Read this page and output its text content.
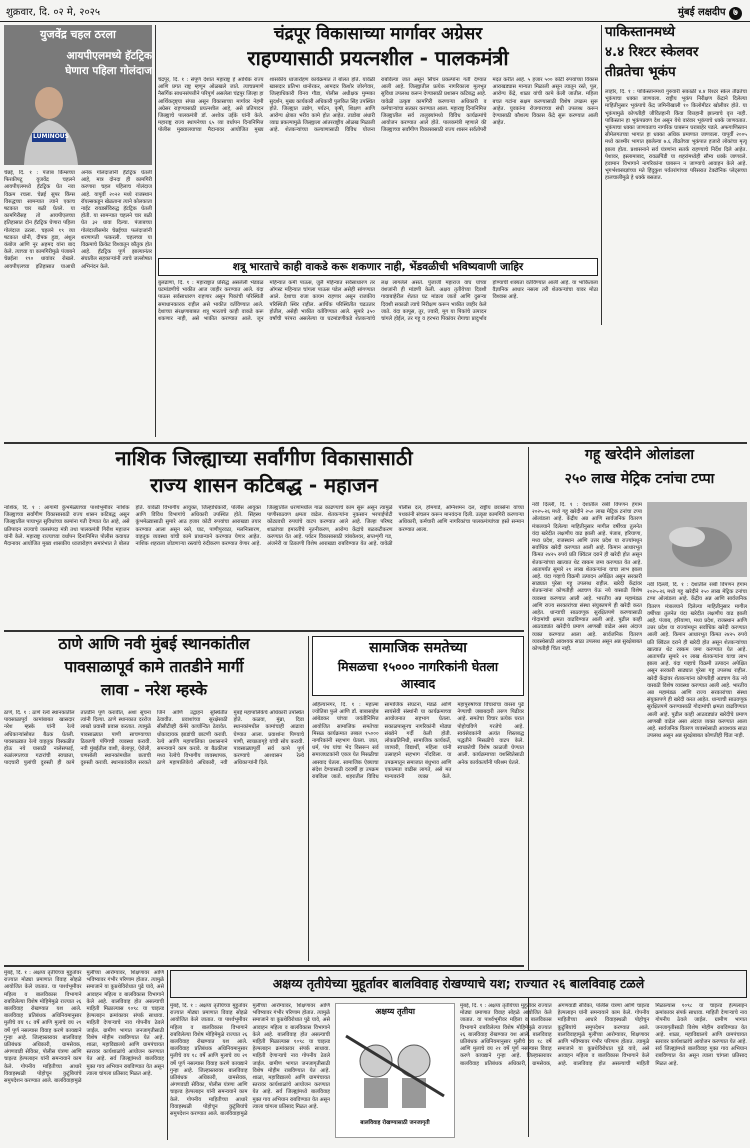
शुक्रवार, दि. ०२ मे, २०२५	मुंबई लक्षदीप ७
LUMINOUS
युजवेंद्र चहल ठरला
आयपीएलमध्ये हॅटट्रिक घेणारा पहिला गोलंदाज
चेन्नई, दि. १ : पंजाब किंग्सच्या फिरकीपटू युजवेंद्र चहलने आयपीएलमध्ये हॅटट्रिक घेत नवा विक्रम रचला. चेन्नई सुपर किंग्स विरुद्धच्या सामन्यात त्याने एकाच षटकात चार बळी घेतले. या कामगिरीसह तो आयपीएलच्या इतिहासात दोन हॅटट्रिक घेणारा पहिला गोलंदाज ठरला. चहलने १९ व्या षटकात धोनी, दीपक हुडा, अंशुल कंबोज आणि नूर अहमद यांना बाद केले. त्याच्या या कामगिरीमुळे पंजाबने चेन्नईला १९० धावांवर रोखले. आयपीएलच्या इतिहासात याआधी अनेक गोलंदाजांनी हॅटट्रिक घेतली आहे, मात्र दोनदा ही कामगिरी करणारा चहल पहिलाच गोलंदाज आहे. यापूर्वी २०२२ मध्ये राजस्थान रॉयल्सकडून खेळताना त्याने कोलकाता नाईट रायडर्सविरुद्ध हॅटट्रिक घेतली होती. या सामन्यात चहलने चार बळी घेत ३२ धावा दिल्या. पंजाबच्या गोलंदाजीसमोर चेन्नईच्या फलंदाजांनी शरणागती पत्करली. चहलच्या या विक्रमाचे क्रिकेट विश्वातून कौतुक होत आहे. हॅटट्रिक पूर्ण झाल्यानंतर संघातील सहकाऱ्यांनी त्याचे जल्लोषात अभिनंदन केले.
चंद्रपूर विकासाच्या मार्गावर अग्रेसर
राहण्यासाठी प्रयत्नशील - पालकमंत्री
चंद्रपूर, दि. १ : संपूर्ण देशात महाराष्ट्र हे आर्थिक राज्य आणि प्रगत राष्ट्र म्हणून ओळखले जाते. त्याचप्रमाणे नैसर्गिक साधनसंपत्तीने परिपूर्ण असलेला चंद्रपूर जिल्हा हा आर्थिकदृष्ट्या संपन्न असून विकासाच्या मार्गावर नेहमी अग्रेसर राहण्यासाठी प्रयत्नशील आहे, असे प्रतिपादन जिल्ह्याचे पालकमंत्री डॉ. अशोक उईके यांनी केले. महाराष्ट्र राज्य स्थापनेच्या ६५ व्या वर्धापन दिनानिमित्त पोलीस मुख्यालयाच्या मैदानावर आयोजित मुख्य शासकीय ध्वजारोहण कार्यक्रमात ते बोलत होते. यावेळी खासदार प्रतिभा धानोरकर, आमदार किशोर जोरगेवार, जिल्हाधिकारी विनय गौडा, पोलीस अधीक्षक मुम्मका सुदर्शन, मुख्य कार्यकारी अधिकारी पुलकित सिंह उपस्थित होते. जिल्ह्यात उद्योग, पर्यटन, कृषी, शिक्षण आणि आरोग्य क्षेत्रात भरीव कामे होत आहेत. ताडोबा अंधारी व्याघ्र प्रकल्पामुळे जिल्ह्याला आंतरराष्ट्रीय ओळख मिळाली आहे. शेतकऱ्यांच्या कल्याणासाठी विविध योजना राबविल्या जात असून सिंचन प्रकल्पांना गती देण्यात आली आहे. जिल्ह्यातील प्रत्येक नागरिकाला मूलभूत सुविधा उपलब्ध करून देण्यासाठी प्रशासन कटिबद्ध आहे. यावेळी उत्कृष्ट कामगिरी करणाऱ्या अधिकारी व कर्मचाऱ्यांचा सत्कार करण्यात आला. महाराष्ट्र दिनानिमित्त जिल्ह्यातील सर्व तालुक्यांमध्ये विविध कार्यक्रमांचे आयोजन करण्यात आले होते. पालकमंत्री म्हणाले की जिल्ह्याच्या सर्वांगीण विकासासाठी राज्य शासन सर्वतोपरी मदत करीत आहे. ५ हजार ५०० कोटी रुपयांच्या विकास आराखड्यास मान्यता मिळाली असून त्यातून रस्ते, पूल, आरोग्य केंद्रे, शाळा यांची कामे केली जातील. महिला बचत गटांना सक्षम करण्यासाठी विशेष उपक्रम सुरू आहेत. युवकांना रोजगाराच्या संधी उपलब्ध करून देण्यासाठी कौशल्य विकास केंद्रे सुरू करण्यात आली आहेत.
पाकिस्तानमध्ये
४.४ रिश्टर स्केलवर
तीव्रतेचा भूकंप
लाहोर, दि. १ : पाकिस्तानमध्ये गुरुवारी सकाळी ४.४ रिश्टर स्केल तीव्रतेचा भूकंपाचा धक्का जाणवला. राष्ट्रीय भूकंप निरीक्षण केंद्राने दिलेल्या माहितीनुसार भूकंपाचे केंद्र जमिनीखाली १० किलोमीटर खोलीवर होते. या भूकंपामुळे कोणतीही जीवितहानी किंवा वित्तहानी झाल्याचे वृत्त नाही. पाकिस्तान हा भूकंपप्रवण देश असून येथे वारंवार भूकंपाचे धक्के जाणवतात. भूकंपाचा धक्का जाणवताच नागरिक घाबरून घराबाहेर पडले. अफगाणिस्तान सीमेलगतच्या भागात हा धक्का अधिक प्रमाणात जाणवला. यापूर्वी २००५ मध्ये काश्मीर भागात झालेल्या ७.६ तीव्रतेच्या भूकंपात हजारो लोकांचा मृत्यू झाला होता. प्रशासनाने सर्व यंत्रणांना सतर्क राहण्याचे निर्देश दिले आहेत. पेशावर, इस्लामाबाद, रावळपिंडी या शहरांमध्येही सौम्य धक्के जाणवले. हवामान विभागाने नागरिकांना घाबरून न जाण्याचे आवाहन केले आहे. भूगर्भशास्त्रज्ञांच्या मते हिंदुकुश पर्वतरांगांच्या परिसरात टेक्टॉनिक प्लेट्सच्या हालचालींमुळे हे धक्के बसतात.
शत्रू भारताचे काही वाकडे करू शकणार नाही, भेंडवळीची भविष्यवाणी जाहिर
बुलढाणा, दि. १ : महाराष्ट्रात प्रसिद्ध असलेली भेंडवळ घटमांडणीचे भाकीत आज जाहीर करण्यात आले. यंदा पाऊस सर्वसाधारण राहणार असून पिकांची परिस्थिती समाधानकारक राहील असे भाकीत वर्तविण्यात आले. देशाच्या संरक्षणाबाबत शत्रू भारताचे काही वाकडे करू शकणार नाही, असे भाकीत करण्यात आले. जून महिन्यात कमी पाऊस, जुलै महिन्यात सर्वसाधारण तर ऑगस्ट महिन्यात चांगला पाऊस पडेल असेही सांगण्यात आले. देशाचा राजा कायम राहणार असून राजकीय परिस्थिती स्थिर राहील. आर्थिक परिस्थितीत चढउतार होतील, असेही भाकीत वर्तविण्यात आले. सुमारे ३५० वर्षांची परंपरा असलेल्या या घटमांडणीकडे शेतकऱ्यांचे लक्ष लागलेले असते. पुंजाजी महाराज वाघ यांच्या वंशजांनी ही मांडणी केली. अक्षय तृतीयेच्या दिवशी गावाबाहेरील शेतात घट मांडला जातो आणि दुसऱ्या दिवशी सकाळी त्याचे निरीक्षण करून भाकीत जाहीर केले जाते. यंदा कापूस, तूर, ज्वारी, मूग या पिकांचे उत्पादन चांगले होईल, तर गहू व हरभरा पिकांवर रोगाचा प्रादुर्भाव होण्याची शक्यता वर्तविण्यात आली आहे. या भाकिताला वैज्ञानिक आधार नसला तरी शेतकऱ्यांचा यावर मोठा विश्वास आहे.
नाशिक जिल्ह्याच्या सर्वांगीण विकासासाठी
राज्य शासन कटिबद्ध - महाजन
नाशिक, दि. १ : आगामी कुंभमेळ्याच्या पार्श्वभूमीवर नाशिक जिल्ह्याच्या सर्वांगीण विकासासाठी राज्य शासन कटिबद्ध असून जिल्ह्यातील पायाभूत सुविधांच्या कामांना गती देण्यात येत आहे, असे प्रतिपादन राज्याचे जलसंपदा मंत्री तथा पालकमंत्री गिरीश महाजन यांनी केले. महाराष्ट्र राज्याच्या वर्धापन दिनानिमित्त पोलीस कवायत मैदानावर आयोजित मुख्य शासकीय ध्वजारोहण समारंभात ते बोलत होते. यावेळी विभागीय आयुक्त, जिल्हाधिकारी, पोलीस आयुक्त आणि विविध विभागांचे अधिकारी उपस्थित होते. सिंहस्थ कुंभमेळ्यासाठी सुमारे आठ हजार कोटी रुपयांचा आराखडा तयार करण्यात आला असून रस्ते, घाट, पाणीपुरवठा, मलनिःसारण, वाहतूक व्यवस्था यांची कामे प्राधान्याने करण्यात येणार आहेत. नाशिक शहराला जोडणाऱ्या रस्त्यांचे रुंदीकरण करण्यात येणार आहे. जिल्ह्यातील धरणांमधील गाळ काढण्याचे काम सुरू असून त्यामुळे पाणीसाठवण क्षमता वाढेल. शेतकऱ्यांना नुकसान भरपाईपोटी कोट्यवधी रुपयांचे वाटप करण्यात आले आहे. जिल्हा परिषद शाळांच्या इमारतींचे नूतनीकरण, आरोग्य केंद्रांचे बळकटीकरण करण्यात येत आहे. पर्यटन विकासासाठी त्र्यंबकेश्वर, सप्तशृंगी गड, अंजनेरी या ठिकाणी विशेष आराखडा राबविण्यात येत आहे. यावेळी पोलीस दल, होमगार्ड, अग्निशमन दल, राष्ट्रीय छात्रसेना यांच्या पथकांनी संचलन करून मानवंदना दिली. उत्कृष्ट कामगिरी करणाऱ्या अधिकारी, कर्मचारी आणि नागरिकांचा पालकमंत्र्यांच्या हस्ते सन्मान करण्यात आला.
गहू खरेदीने ओलांडला
२५० लाख मेट्रिक टनांचा टप्पा
नवी दिल्ली, दि. १ : देशातील रब्बी विपणन हंगाम २०२५-२६ मध्ये गहू खरेदीने २५० लाख मेट्रिक टनांचा टप्पा ओलांडला आहे. केंद्रीय अन्न आणि सार्वजनिक वितरण मंत्रालयाने दिलेल्या माहितीनुसार मागील वर्षीच्या तुलनेत यंदा खरेदीत लक्षणीय वाढ झाली आहे. पंजाब, हरियाणा, मध्य प्रदेश, राजस्थान आणि उत्तर प्रदेश या राज्यांमधून सर्वाधिक खरेदी करण्यात आली आहे. किमान आधारभूत किंमत २४२५ रुपये प्रति क्विंटल दराने ही खरेदी होत असून शेतकऱ्यांच्या खात्यात थेट रक्कम जमा करण्यात येत आहे. आतापर्यंत सुमारे २१ लाख शेतकऱ्यांना याचा लाभ झाला आहे. यंदा गव्हाचे विक्रमी उत्पादन अपेक्षित असून सरकारी साठ्यात पुरेसा गहू उपलब्ध राहील. खरेदी केंद्रांवर शेतकऱ्यांना कोणतीही अडचण येऊ नये यासाठी विशेष व्यवस्था करण्यात आली आहे. भारतीय अन्न महामंडळ आणि राज्य सरकारांच्या संस्था संयुक्तपणे ही खरेदी करत आहेत. धान्याची साठवणूक सुरक्षितपणे करण्यासाठी गोदामांची क्षमता वाढविण्यात आली आहे. पुढील काही आठवड्यांत खरेदीचे प्रमाण आणखी वाढेल असा अंदाज व्यक्त करण्यात आला आहे. सार्वजनिक वितरण व्यवस्थेसाठी आवश्यक साठा उपलब्ध असून अन्न सुरक्षेबाबत कोणतीही चिंता नाही.
नवी दिल्ली, दि. १ : देशातील रब्बी विपणन हंगाम २०२५-२६ मध्ये गहू खरेदीने २५० लाख मेट्रिक टनांचा टप्पा ओलांडला आहे. केंद्रीय अन्न आणि सार्वजनिक वितरण मंत्रालयाने दिलेल्या माहितीनुसार मागील वर्षीच्या तुलनेत यंदा खरेदीत लक्षणीय वाढ झाली आहे. पंजाब, हरियाणा, मध्य प्रदेश, राजस्थान आणि उत्तर प्रदेश या राज्यांमधून सर्वाधिक खरेदी करण्यात आली आहे. किमान आधारभूत किंमत २४२५ रुपये प्रति क्विंटल दराने ही खरेदी होत असून शेतकऱ्यांच्या खात्यात थेट रक्कम जमा करण्यात येत आहे. आतापर्यंत सुमारे २१ लाख शेतकऱ्यांना याचा लाभ झाला आहे. यंदा गव्हाचे विक्रमी उत्पादन अपेक्षित असून सरकारी साठ्यात पुरेसा गहू उपलब्ध राहील. खरेदी केंद्रांवर शेतकऱ्यांना कोणतीही अडचण येऊ नये यासाठी विशेष व्यवस्था करण्यात आली आहे. भारतीय अन्न महामंडळ आणि राज्य सरकारांच्या संस्था संयुक्तपणे ही खरेदी करत आहेत. धान्याची साठवणूक सुरक्षितपणे करण्यासाठी गोदामांची क्षमता वाढविण्यात आली आहे. पुढील काही आठवड्यांत खरेदीचे प्रमाण आणखी वाढेल असा अंदाज व्यक्त करण्यात आला आहे. सार्वजनिक वितरण व्यवस्थेसाठी आवश्यक साठा उपलब्ध असून अन्न सुरक्षेबाबत कोणतीही चिंता नाही.
ठाणे आणि नवी मुंबई स्थानकांतील
पावसाळापूर्व कामे तातडीने मार्गी
लावा - नरेश म्हस्के
ठाणे, दि. १ : ठाणे रेल्वे स्थानकातील पावसाळापूर्व कामांबाबत खासदार नरेश म्हस्के यांनी रेल्वे अधिकाऱ्यांसोबत बैठक घेतली. पावसाळ्यात रेल्वे वाहतूक विस्कळीत होऊ नये यासाठी नालेसफाई, रुळांलगतच्या गटारांची स्वच्छता, पादचारी पुलांची दुरुस्ती ही कामे तातडीने पूर्ण करावीत, अशा सूचना त्यांनी दिल्या. ठाणे स्थानकात दररोज लाखो प्रवासी प्रवास करतात. त्यामुळे पावसाळ्यात पाणी साचण्याच्या ठिकाणी पंपिंगची व्यवस्था करावी. नवी मुंबईतील वाशी, बेलापूर, ऐरोली, घणसोली स्थानकांमधील छताची दुरुस्ती करावी. स्थानकांवरील सरकते जिने आणि उद्वाहने सुस्थितीत ठेवावीत. प्रवाशांच्या सुरक्षेसाठी सीसीटीव्ही कॅमेरे कार्यान्वित ठेवावेत. धोकादायक झाडांची छाटणी करावी. रेल्वे आणि महापालिका प्रशासनाने समन्वयाने काम करावे. या बैठकीला मध्य रेल्वेचे विभागीय व्यवस्थापक, ठाणे महापालिकेचे अधिकारी, नवी मुंबई महापालिकेचे अधिकारी उपस्थित होते. कळवा, मुंब्रा, दिवा स्थानकांमधील कामांचाही आढावा घेण्यात आला. प्रवाशांना पिण्याचे पाणी, स्वच्छतागृहे यांची सोय करावी. पावसाळ्यापूर्वी सर्व कामे पूर्ण करण्याचे आश्वासन रेल्वे अधिकाऱ्यांनी दिले.
सामाजिक समतेच्या
मिसळचा १५००० नागरिकांनी घेतला आस्वाद
अहिल्यानगर, दि. १ : महात्मा ज्योतिबा फुले आणि डॉ. बाबासाहेब आंबेडकर यांच्या जयंतीनिमित्त आयोजित सामाजिक समतेच्या मिसळ कार्यक्रमात तब्बल १५००० नागरिकांनी सहभाग घेतला. जात, धर्म, पंथ यांचा भेद विसरून सर्व समाजघटकांनी एकत्र येत मिसळीचा आस्वाद घेतला. सामाजिक ऐक्याचा संदेश देण्यासाठी दरवर्षी हा उपक्रम राबविला जातो. शहरातील विविध सामाजिक संघटना, मंडळे आणि स्वयंसेवी संस्थांनी या कार्यक्रमाच्या आयोजनात सहभाग घेतला. सकाळपासूनच नागरिकांनी मोठ्या संख्येने गर्दी केली होती. लोकप्रतिनिधी, सामाजिक कार्यकर्ते, व्यापारी, विद्यार्थी, महिला यांनी उत्साहाने सहभाग नोंदविला. या उपक्रमातून समाजात बंधुभाव आणि एकात्मता वाढीस लागते, असे मत मान्यवरांनी व्यक्त केले. महापुरुषांच्या विचारांचा वारसा पुढे नेण्याची जबाबदारी तरुण पिढीवर आहे. समतेचा विचार प्रत्येक घरात पोहोचविणे गरजेचे आहे. स्वयंसेवकांनी अत्यंत शिस्तबद्ध पद्धतीने मिसळीचे वाटप केले. स्वच्छतेची विशेष काळजी घेण्यात आली. कार्यक्रमाच्या यशस्वितेसाठी अनेक कार्यकर्त्यांनी परिश्रम घेतले.
मुंबई, दि. १ : अक्षय्य तृतीयेच्या मुहूर्तावर राज्यात मोठ्या प्रमाणात विवाह सोहळे आयोजित केले जातात. या पार्श्वभूमीवर महिला व बालविकास विभागाने राबविलेल्या विशेष मोहिमेमुळे राज्यात २६ बालविवाह रोखण्यात यश आले. बालविवाह प्रतिबंधक अधिनियमानुसार मुलीचे वय १८ वर्षे आणि मुलाचे वय २१ वर्षे पूर्ण नसल्यास विवाह करणे कायद्याने गुन्हा आहे. जिल्हास्तरावर बालविवाह प्रतिबंधक अधिकारी, ग्रामसेवक, अंगणवाडी सेविका, पोलीस यंत्रणा आणि चाइल्ड हेल्पलाइन यांनी समन्वयाने काम केले. गोपनीय माहितीच्या आधारे विवाहस्थळी पोहोचून कुटुंबियांचे समुपदेशन करण्यात आले. बालविवाहामुळे मुलींच्या आरोग्यावर, शिक्षणावर आणि भविष्यावर गंभीर परिणाम होतात. त्यामुळे समाजाने या कुप्रथेविरोधात पुढे यावे, असे आवाहन महिला व बालविकास विभागाने केले आहे. बालविवाह होत असल्याची माहिती मिळाल्यास १०९८ या चाइल्ड हेल्पलाइन क्रमांकावर संपर्क साधावा. माहिती देणाऱ्याचे नाव गोपनीय ठेवले जाईल. ग्रामीण भागात जनजागृतीसाठी विशेष मोहीम राबविण्यात येत आहे. शाळा, महाविद्यालये आणि ग्रामपंचायत स्तरावर कार्यशाळांचे आयोजन करण्यात येत आहे. सर्व जिल्ह्यांमध्ये बालविवाह मुक्त गाव अभियान राबविण्यात येत असून त्याला चांगला प्रतिसाद मिळत आहे.
अक्षय्य तृतीयेच्या मुहूर्तावर बालविवाह रोखण्याचे यश; राज्यात २६ बालविवाह टळले
मुंबई, दि. १ : अक्षय्य तृतीयेच्या मुहूर्तावर राज्यात मोठ्या प्रमाणात विवाह सोहळे आयोजित केले जातात. या पार्श्वभूमीवर महिला व बालविकास विभागाने राबविलेल्या विशेष मोहिमेमुळे राज्यात २६ बालविवाह रोखण्यात यश आले. बालविवाह प्रतिबंधक अधिनियमानुसार मुलीचे वय १८ वर्षे आणि मुलाचे वय २१ वर्षे पूर्ण नसल्यास विवाह करणे कायद्याने गुन्हा आहे. जिल्हास्तरावर बालविवाह प्रतिबंधक अधिकारी, ग्रामसेवक, अंगणवाडी सेविका, पोलीस यंत्रणा आणि चाइल्ड हेल्पलाइन यांनी समन्वयाने काम केले. गोपनीय माहितीच्या आधारे विवाहस्थळी पोहोचून कुटुंबियांचे समुपदेशन करण्यात आले. बालविवाहामुळे मुलींच्या आरोग्यावर, शिक्षणावर आणि भविष्यावर गंभीर परिणाम होतात. त्यामुळे समाजाने या कुप्रथेविरोधात पुढे यावे, असे आवाहन महिला व बालविकास विभागाने केले आहे. बालविवाह होत असल्याची माहिती मिळाल्यास १०९८ या चाइल्ड हेल्पलाइन क्रमांकावर संपर्क साधावा. माहिती देणाऱ्याचे नाव गोपनीय ठेवले जाईल. ग्रामीण भागात जनजागृतीसाठी विशेष मोहीम राबविण्यात येत आहे. शाळा, महाविद्यालये आणि ग्रामपंचायत स्तरावर कार्यशाळांचे आयोजन करण्यात येत आहे. सर्व जिल्ह्यांमध्ये बालविवाह मुक्त गाव अभियान राबविण्यात येत असून त्याला चांगला प्रतिसाद मिळत आहे.
अक्षय्य तृतीया
बालविवाह रोखण्यासाठी जनजागृती
मुंबई, दि. १ : अक्षय्य तृतीयेच्या मुहूर्तावर राज्यात मोठ्या प्रमाणात विवाह सोहळे आयोजित केले जातात. या पार्श्वभूमीवर महिला व बालविकास विभागाने राबविलेल्या विशेष मोहिमेमुळे राज्यात २६ बालविवाह रोखण्यात यश आले. बालविवाह प्रतिबंधक अधिनियमानुसार मुलीचे वय १८ वर्षे आणि मुलाचे वय २१ वर्षे पूर्ण नसल्यास विवाह करणे कायद्याने गुन्हा आहे. जिल्हास्तरावर बालविवाह प्रतिबंधक अधिकारी, ग्रामसेवक, अंगणवाडी सेविका, पोलीस यंत्रणा आणि चाइल्ड हेल्पलाइन यांनी समन्वयाने काम केले. गोपनीय माहितीच्या आधारे विवाहस्थळी पोहोचून कुटुंबियांचे समुपदेशन करण्यात आले. बालविवाहामुळे मुलींच्या आरोग्यावर, शिक्षणावर आणि भविष्यावर गंभीर परिणाम होतात. त्यामुळे समाजाने या कुप्रथेविरोधात पुढे यावे, असे आवाहन महिला व बालविकास विभागाने केले आहे. बालविवाह होत असल्याची माहिती मिळाल्यास १०९८ या चाइल्ड हेल्पलाइन क्रमांकावर संपर्क साधावा. माहिती देणाऱ्याचे नाव गोपनीय ठेवले जाईल. ग्रामीण भागात जनजागृतीसाठी विशेष मोहीम राबविण्यात येत आहे. शाळा, महाविद्यालये आणि ग्रामपंचायत स्तरावर कार्यशाळांचे आयोजन करण्यात येत आहे. सर्व जिल्ह्यांमध्ये बालविवाह मुक्त गाव अभियान राबविण्यात येत असून त्याला चांगला प्रतिसाद मिळत आहे.
